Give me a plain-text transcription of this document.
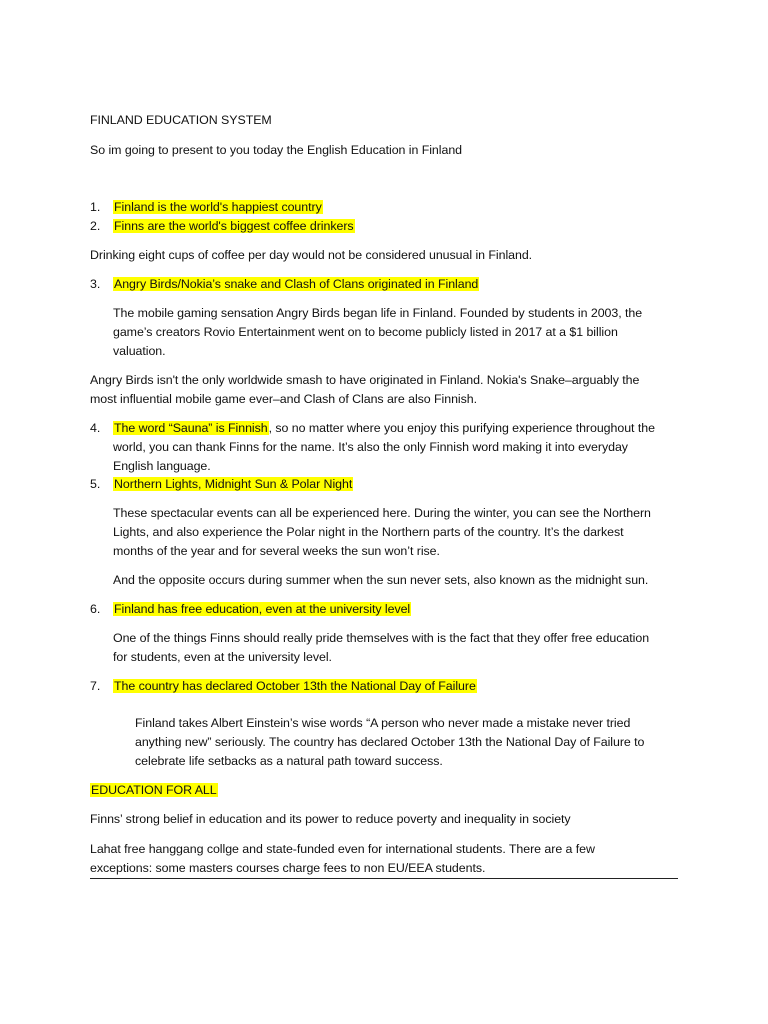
FINLAND EDUCATION SYSTEM
So im going to present to you today the English Education in Finland
1. Finland is the world's happiest country
2. Finns are the world's biggest coffee drinkers
Drinking eight cups of coffee per day would not be considered unusual in Finland.
3. Angry Birds/Nokia’s snake and Clash of Clans originated in Finland
The mobile gaming sensation Angry Birds began life in Finland. Founded by students in 2003, the
game’s creators Rovio Entertainment went on to become publicly listed in 2017 at a $1 billion
valuation.
Angry Birds isn't the only worldwide smash to have originated in Finland. Nokia's Snake–arguably the
most influential mobile game ever–and Clash of Clans are also Finnish.
4. The word “Sauna” is Finnish, so no matter where you enjoy this purifying experience throughout the
world, you can thank Finns for the name. It’s also the only Finnish word making it into everyday
English language.
5. Northern Lights, Midnight Sun & Polar Night
These spectacular events can all be experienced here. During the winter, you can see the Northern
Lights, and also experience the Polar night in the Northern parts of the country. It’s the darkest
months of the year and for several weeks the sun won’t rise.
And the opposite occurs during summer when the sun never sets, also known as the midnight sun.
6. Finland has free education, even at the university level
One of the things Finns should really pride themselves with is the fact that they offer free education
for students, even at the university level.
7. The country has declared October 13th the National Day of Failure
Finland takes Albert Einstein’s wise words “A person who never made a mistake never tried
anything new” seriously. The country has declared October 13th the National Day of Failure to
celebrate life setbacks as a natural path toward success.
EDUCATION FOR ALL
Finns’ strong belief in education and its power to reduce poverty and inequality in society
Lahat free hanggang collge and state-funded even for international students. There are a few
exceptions: some masters courses charge fees to non EU/EEA students.
